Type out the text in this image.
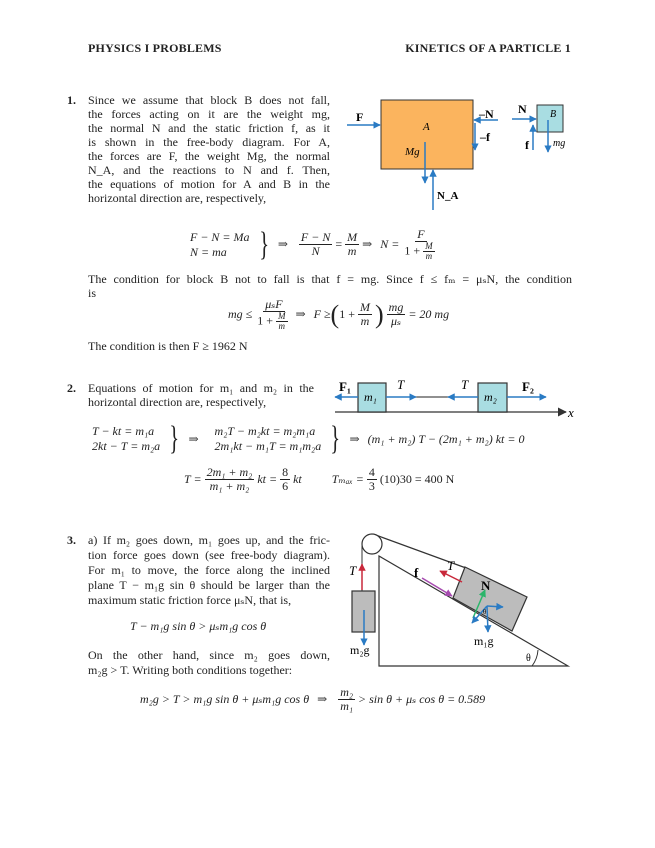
PHYSICS I PROBLEMS	KINETICS OF A PARTICLE 1
1. Since we assume that block B does not fall,
the forces acting on it are the weight mg,
the normal N and the static friction f, as it
is shown in the free-body diagram. For A,
the forces are F, the weight Mg, the normal
N_A, and the reactions to N and f. Then,
the equations of motion for A and B in the
horizontal direction are, respectively,
F − N = Ma
N = ma } ⇒ $\frac{F - N}{N} = \frac{M}{m}$ ⇒ $N = \frac{F}{1 + \frac{M}{m}}$
The condition for block B not to fall is that f = mg. Since f ≤ fₘ = μₛN, the condition
is
mg ≤ $\frac{\text{μₛF}}{1 + \frac{M}{m}}$ ⇒ F ≥ ( $1 + \frac{M}{m}$ ) $\frac{mg}{\text{μₛ}} = 20$ mg
The condition is then F ≥ 1962 N
2. Equations of motion for m₁ and m₂ in the
horizontal direction are, respectively,
T − kt = m₁a
2kt − T = m₂a } ⇒
m₂T − m₂kt = m₂m₁a
2m₁kt − m₁T = m₁m₂a } ⇒ (m₁ + m₂) T − (2m₁ + m₂) kt = 0
$T = \frac{\text{2m₁ + m₂}}{\text{m₁ + m₂}}$ kt = $\frac{8}{6}$ kt	$T_{max} = \frac{4}{3} (10)30 = 400$ N
3. a) If m₂ goes down, m₁ goes up, and the fric-
tion force goes down (see free-body diagram).
For m₁ to move, the force along the inclined
plane T − m₁g sin θ should be larger than the
maximum static friction force μₛN, that is,
T − m₁g sin θ > μₛm₁g cos θ
On the other hand, since m₂ goes down,
m₂g > T. Writing both conditions together:
m₂g > T > m₁g sin θ + μₛm₁g cos θ ⇒ $\frac{\text{m₂}}{\text{m₁}} > \sin \theta + \mu_s$ cos θ = 0.589
F
A
Mg
N_A
–N
–f
N B
f mg
F₁
m₁
T	T
m₂
F₂
x
T
m₂g
T
f
N
θ
m₁g
θ
